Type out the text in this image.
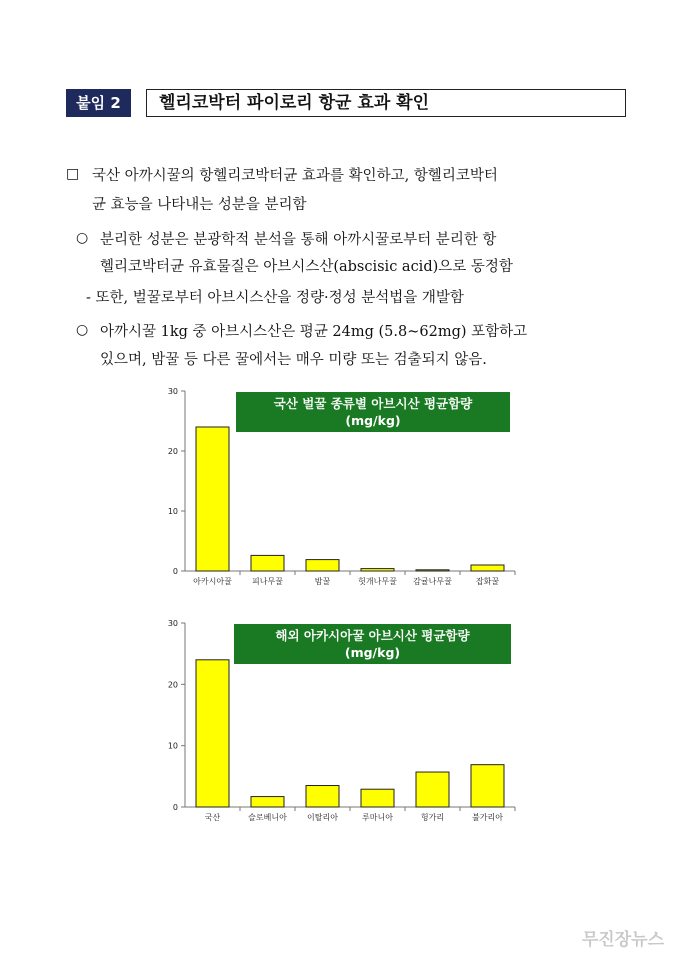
붙임 2	헬리코박터 파이로리 항균 효과 확인
□ 국산 아까시꿀의 항헬리코박터균 효과를 확인하고, 항헬리코박터
균 효능을 나타내는 성분을 분리함
○ 분리한 성분은 분광학적 분석을 통해 아까시꿀로부터 분리한 항
헬리코박터균 유효물질은 아브시스산(abscisic acid)으로 동정함
- 또한, 벌꿀로부터 아브시스산을 정량·정성 분석법을 개발함
○ 아까시꿀 1kg 중 아브시스산은 평균 24mg (5.8~62mg) 포함하고
있으며, 밤꿀 등 다른 꿀에서는 매우 미량 또는 검출되지 않음.
0
10
20
30
아카시아꿀	피나무꿀	밤꿀	헛개나무꿀 감귤나무꿀	잡화꿀
국산 벌꿀 종류별 아브시산 평균함량
(mg/kg)
0
10
20
30
국산	슬로베니아	이탈리아	루마니아	헝가리	불가리아
해외 아카시아꿀 아브시산 평균함량
(mg/kg)
무진장뉴스
